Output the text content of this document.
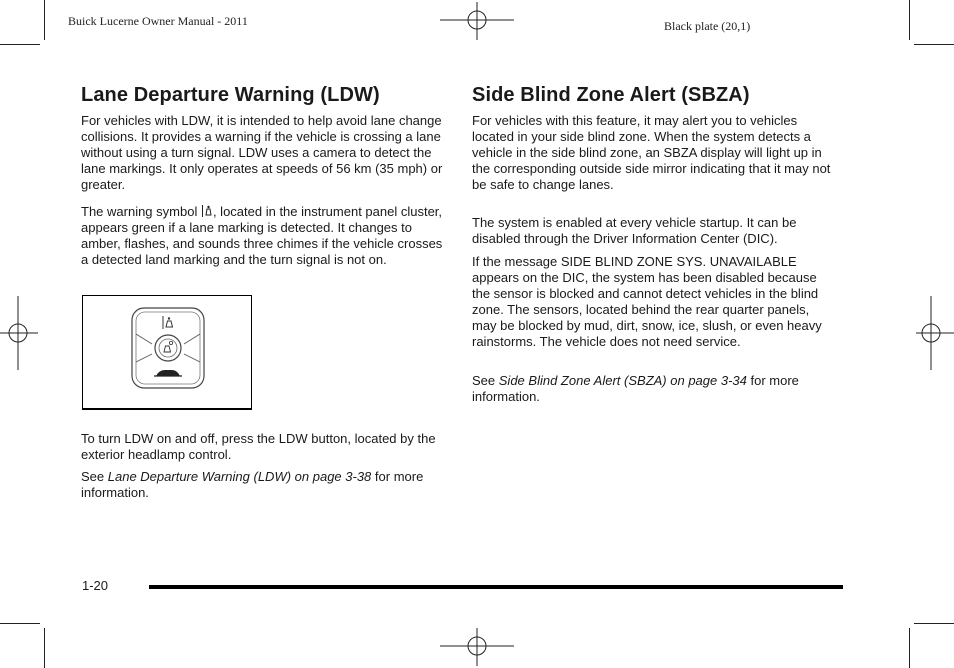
Buick Lucerne Owner Manual - 2011	Black plate (20,1)
Lane Departure Warning (LDW)

For vehicles with LDW, it is intended to help avoid lane change collisions. It provides a warning if the vehicle is crossing a lane without using a turn signal. LDW uses a camera to detect the lane markings. It only operates at speeds of 56 km (35 mph) or greater.

The warning symbol , located in the instrument panel cluster, appears green if a lane marking is detected. It changes to amber, flashes, and sounds three chimes if the vehicle crosses a detected land marking and the turn signal is not on.

To turn LDW on and off, press the LDW button, located by the exterior headlamp control.

See Lane Departure Warning (LDW) on page 3-38 for more information.

Side Blind Zone Alert (SBZA)

For vehicles with this feature, it may alert you to vehicles located in your side blind zone. When the system detects a vehicle in the side blind zone, an SBZA display will light up in the corresponding outside side mirror indicating that it may not be safe to change lanes.

The system is enabled at every vehicle startup. It can be disabled through the Driver Information Center (DIC).

If the message SIDE BLIND ZONE SYS. UNAVAILABLE appears on the DIC, the system has been disabled because the sensor is blocked and cannot detect vehicles in the blind zone. The sensors, located behind the rear quarter panels, may be blocked by mud, dirt, snow, ice, slush, or even heavy rainstorms. The vehicle does not need service.

See Side Blind Zone Alert (SBZA) on page 3-34 for more information.

1-20
